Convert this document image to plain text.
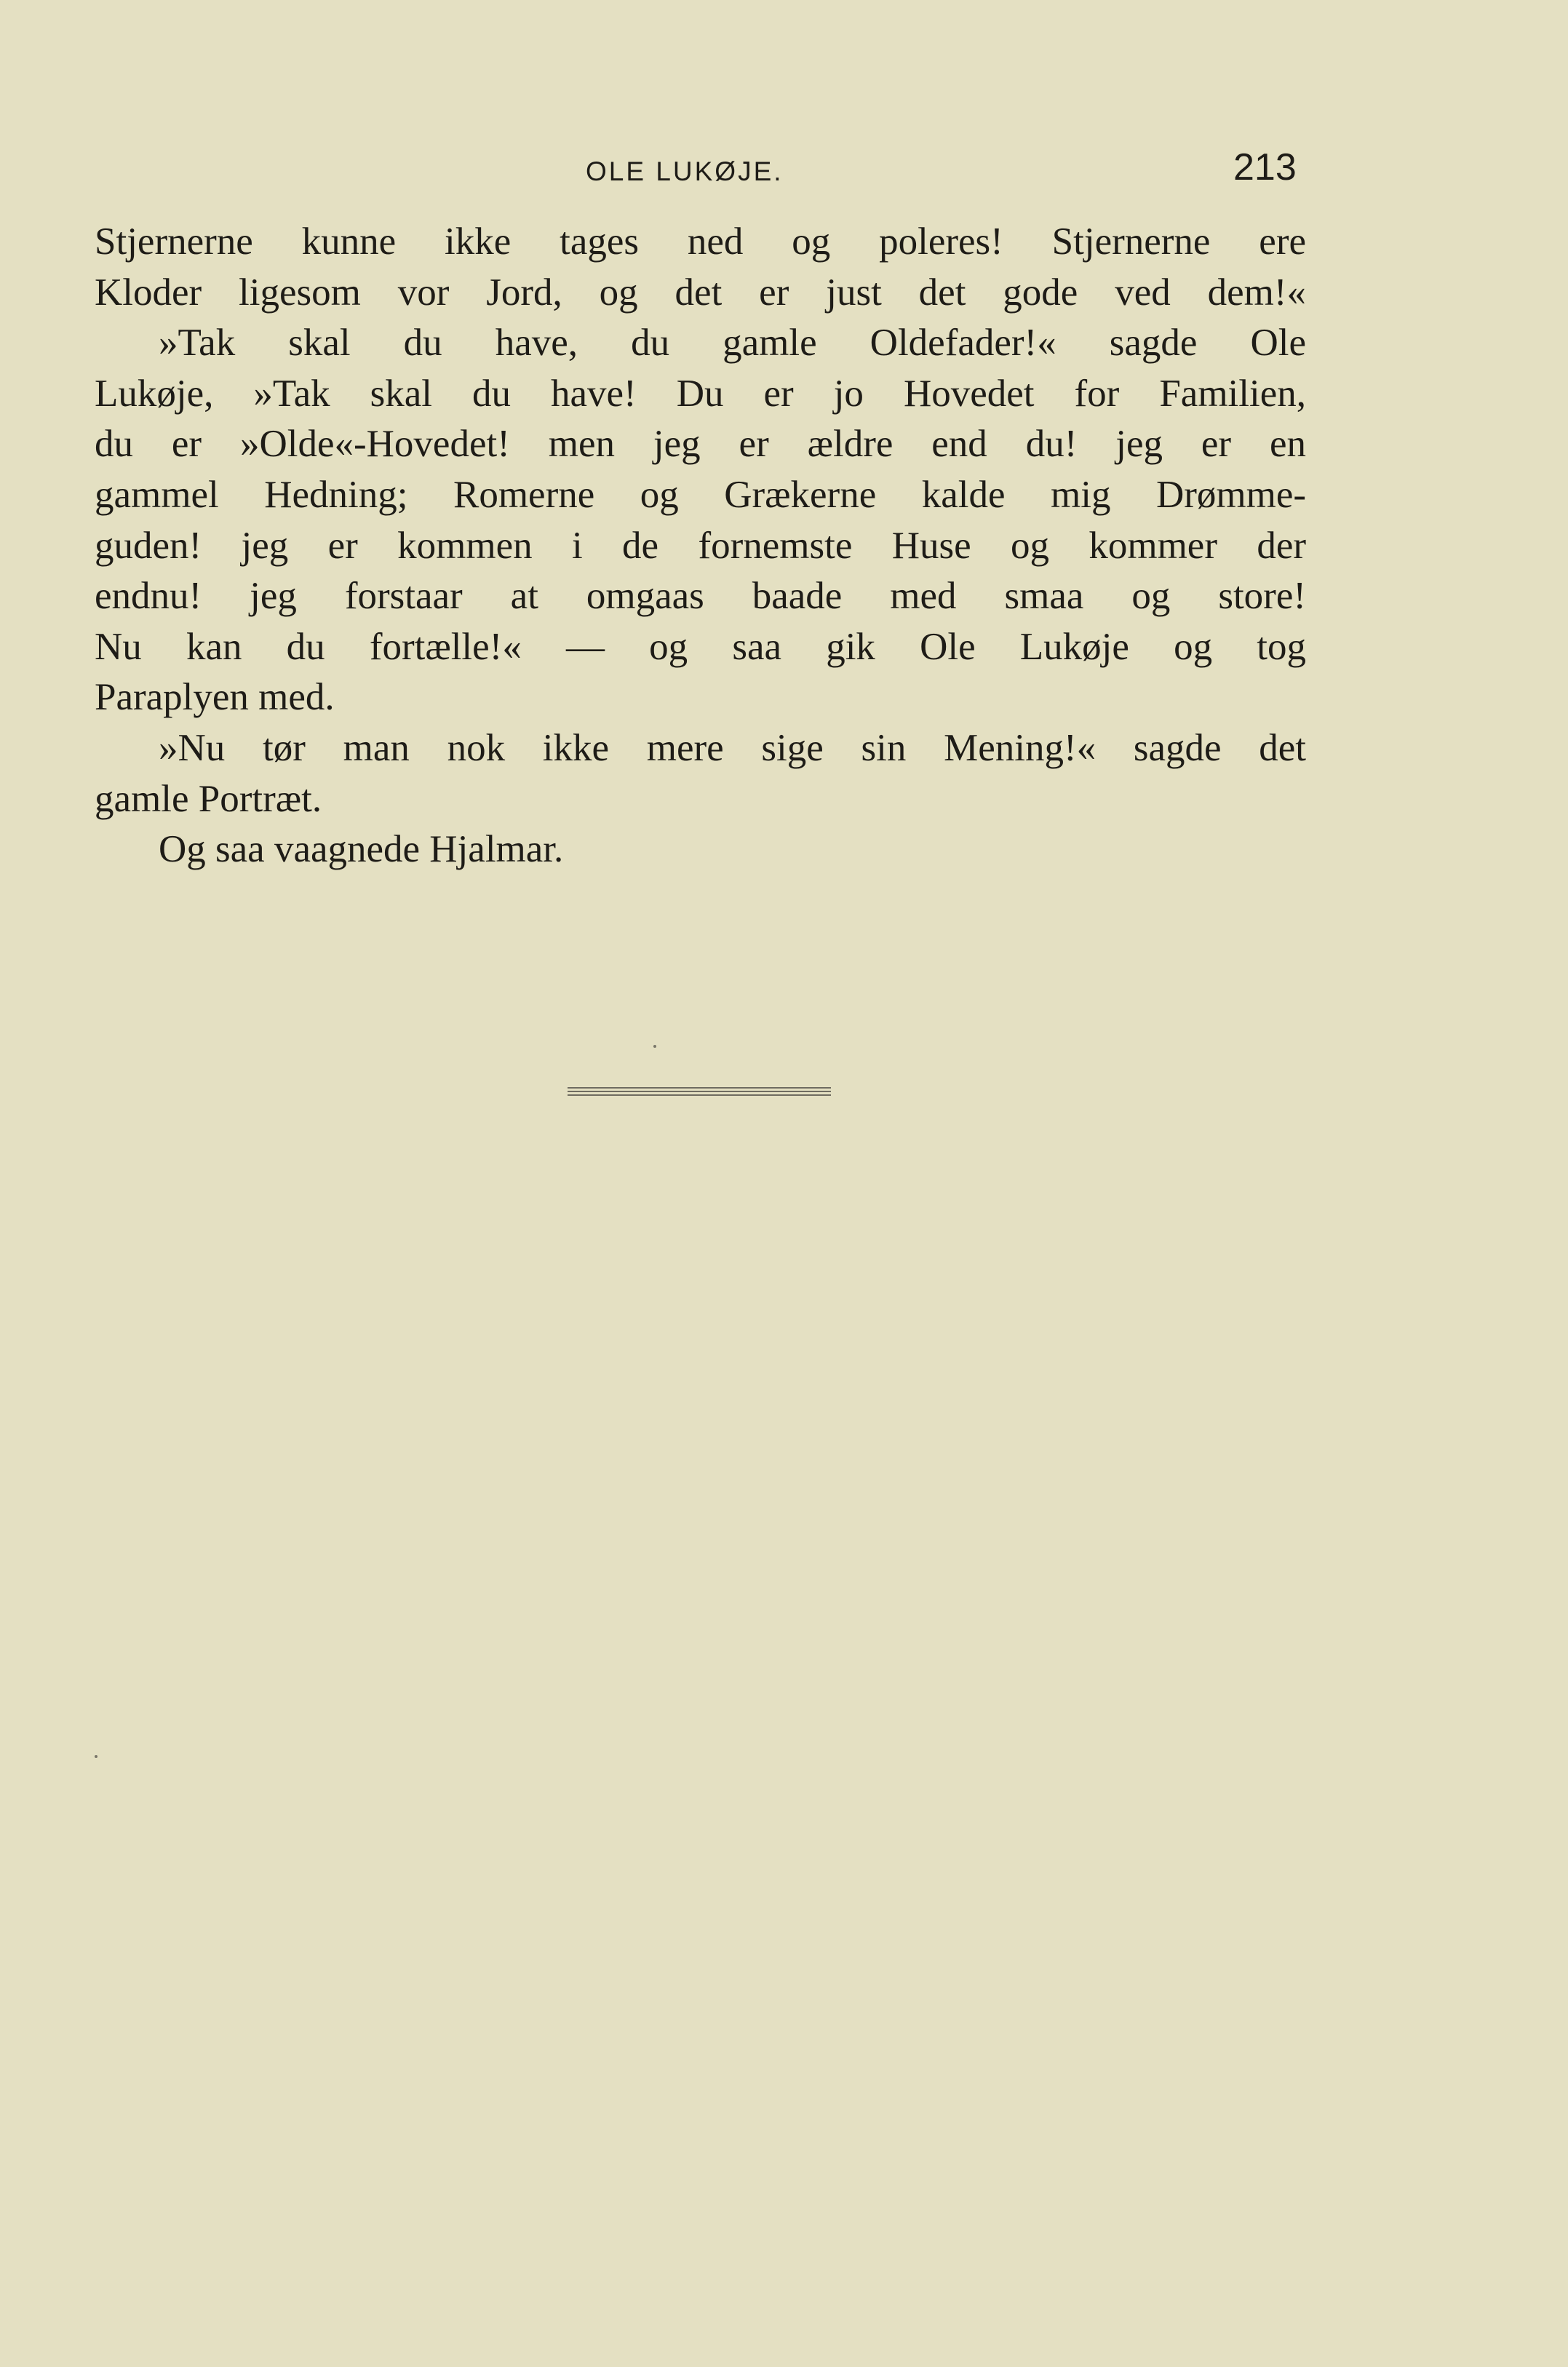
OLE LUKØJE.	213
Stjernerne kunne ikke tages ned og poleres! Stjernerne ere
Kloder ligesom vor Jord, og det er just det gode ved dem!«
»Tak skal du have, du gamle Oldefader!« sagde Ole
Lukøje, »Tak skal du have! Du er jo Hovedet for Familien,
du er »Olde«-Hovedet! men jeg er ældre end du! jeg er en
gammel Hedning; Romerne og Grækerne kalde mig Drømme-
guden! jeg er kommen i de fornemste Huse og kommer der
endnu! jeg forstaar at omgaas baade med smaa og store!
Nu kan du fortælle!« — og saa gik Ole Lukøje og tog
Paraplyen med.
»Nu tør man nok ikke mere sige sin Mening!« sagde det
gamle Portræt.
Og saa vaagnede Hjalmar.
